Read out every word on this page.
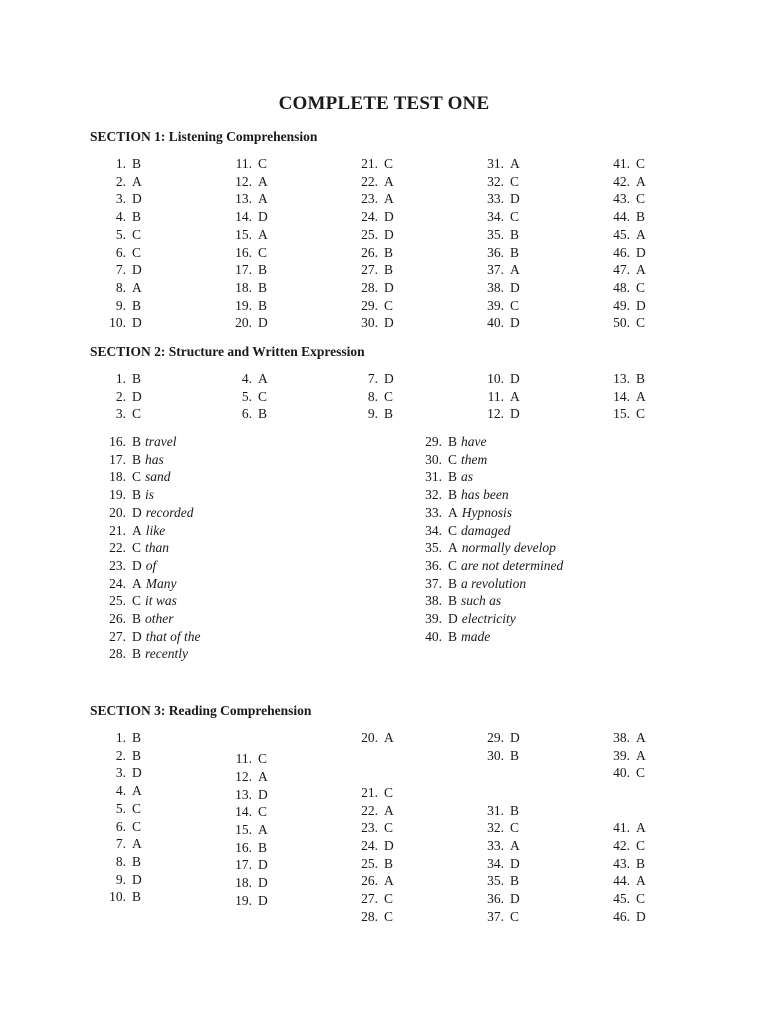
COMPLETE TEST ONE
SECTION 1: Listening Comprehension
1. B
2. A
3. D
4. B
5. C
6. C
7. D
8. A
9. B
10. D
11. C
12. A
13. A
14. D
15. A
16. C
17. B
18. B
19. B
20. D
21. C
22. A
23. A
24. D
25. D
26. B
27. B
28. D
29. C
30. D
31. A
32. C
33. D
34. C
35. B
36. B
37. A
38. D
39. C
40. D
41. C
42. A
43. C
44. B
45. A
46. D
47. A
48. C
49. D
50. C
SECTION 2: Structure and Written Expression
1. B
2. D
3. C
4. A
5. C
6. B
7. D
8. C
9. B
10. D
11. A
12. D
13. B
14. A
15. C
16. B travel
17. B has
18. C sand
19. B is
20. D recorded
21. A like
22. C than
23. D of
24. A Many
25. C it was
26. B other
27. D that of the
28. B recently
29. B have
30. C them
31. B as
32. B has been
33. A Hypnosis
34. C damaged
35. A normally develop
36. C are not determined
37. B a revolution
38. B such as
39. D electricity
40. B made
SECTION 3: Reading Comprehension
1. B
2. B
3. D
4. A
5. C
6. C
7. A
8. B
9. D
10. B
11. C
12. A
13. D
14. C
15. A
16. B
17. D
18. D
19. D
20. A
21. C
22. A
23. C
24. D
25. B
26. A
27. C
28. C
29. D
30. B
31. B
32. C
33. A
34. D
35. B
36. D
37. C
38. A
39. A
40. C
41. A
42. C
43. B
44. A
45. C
46. D
